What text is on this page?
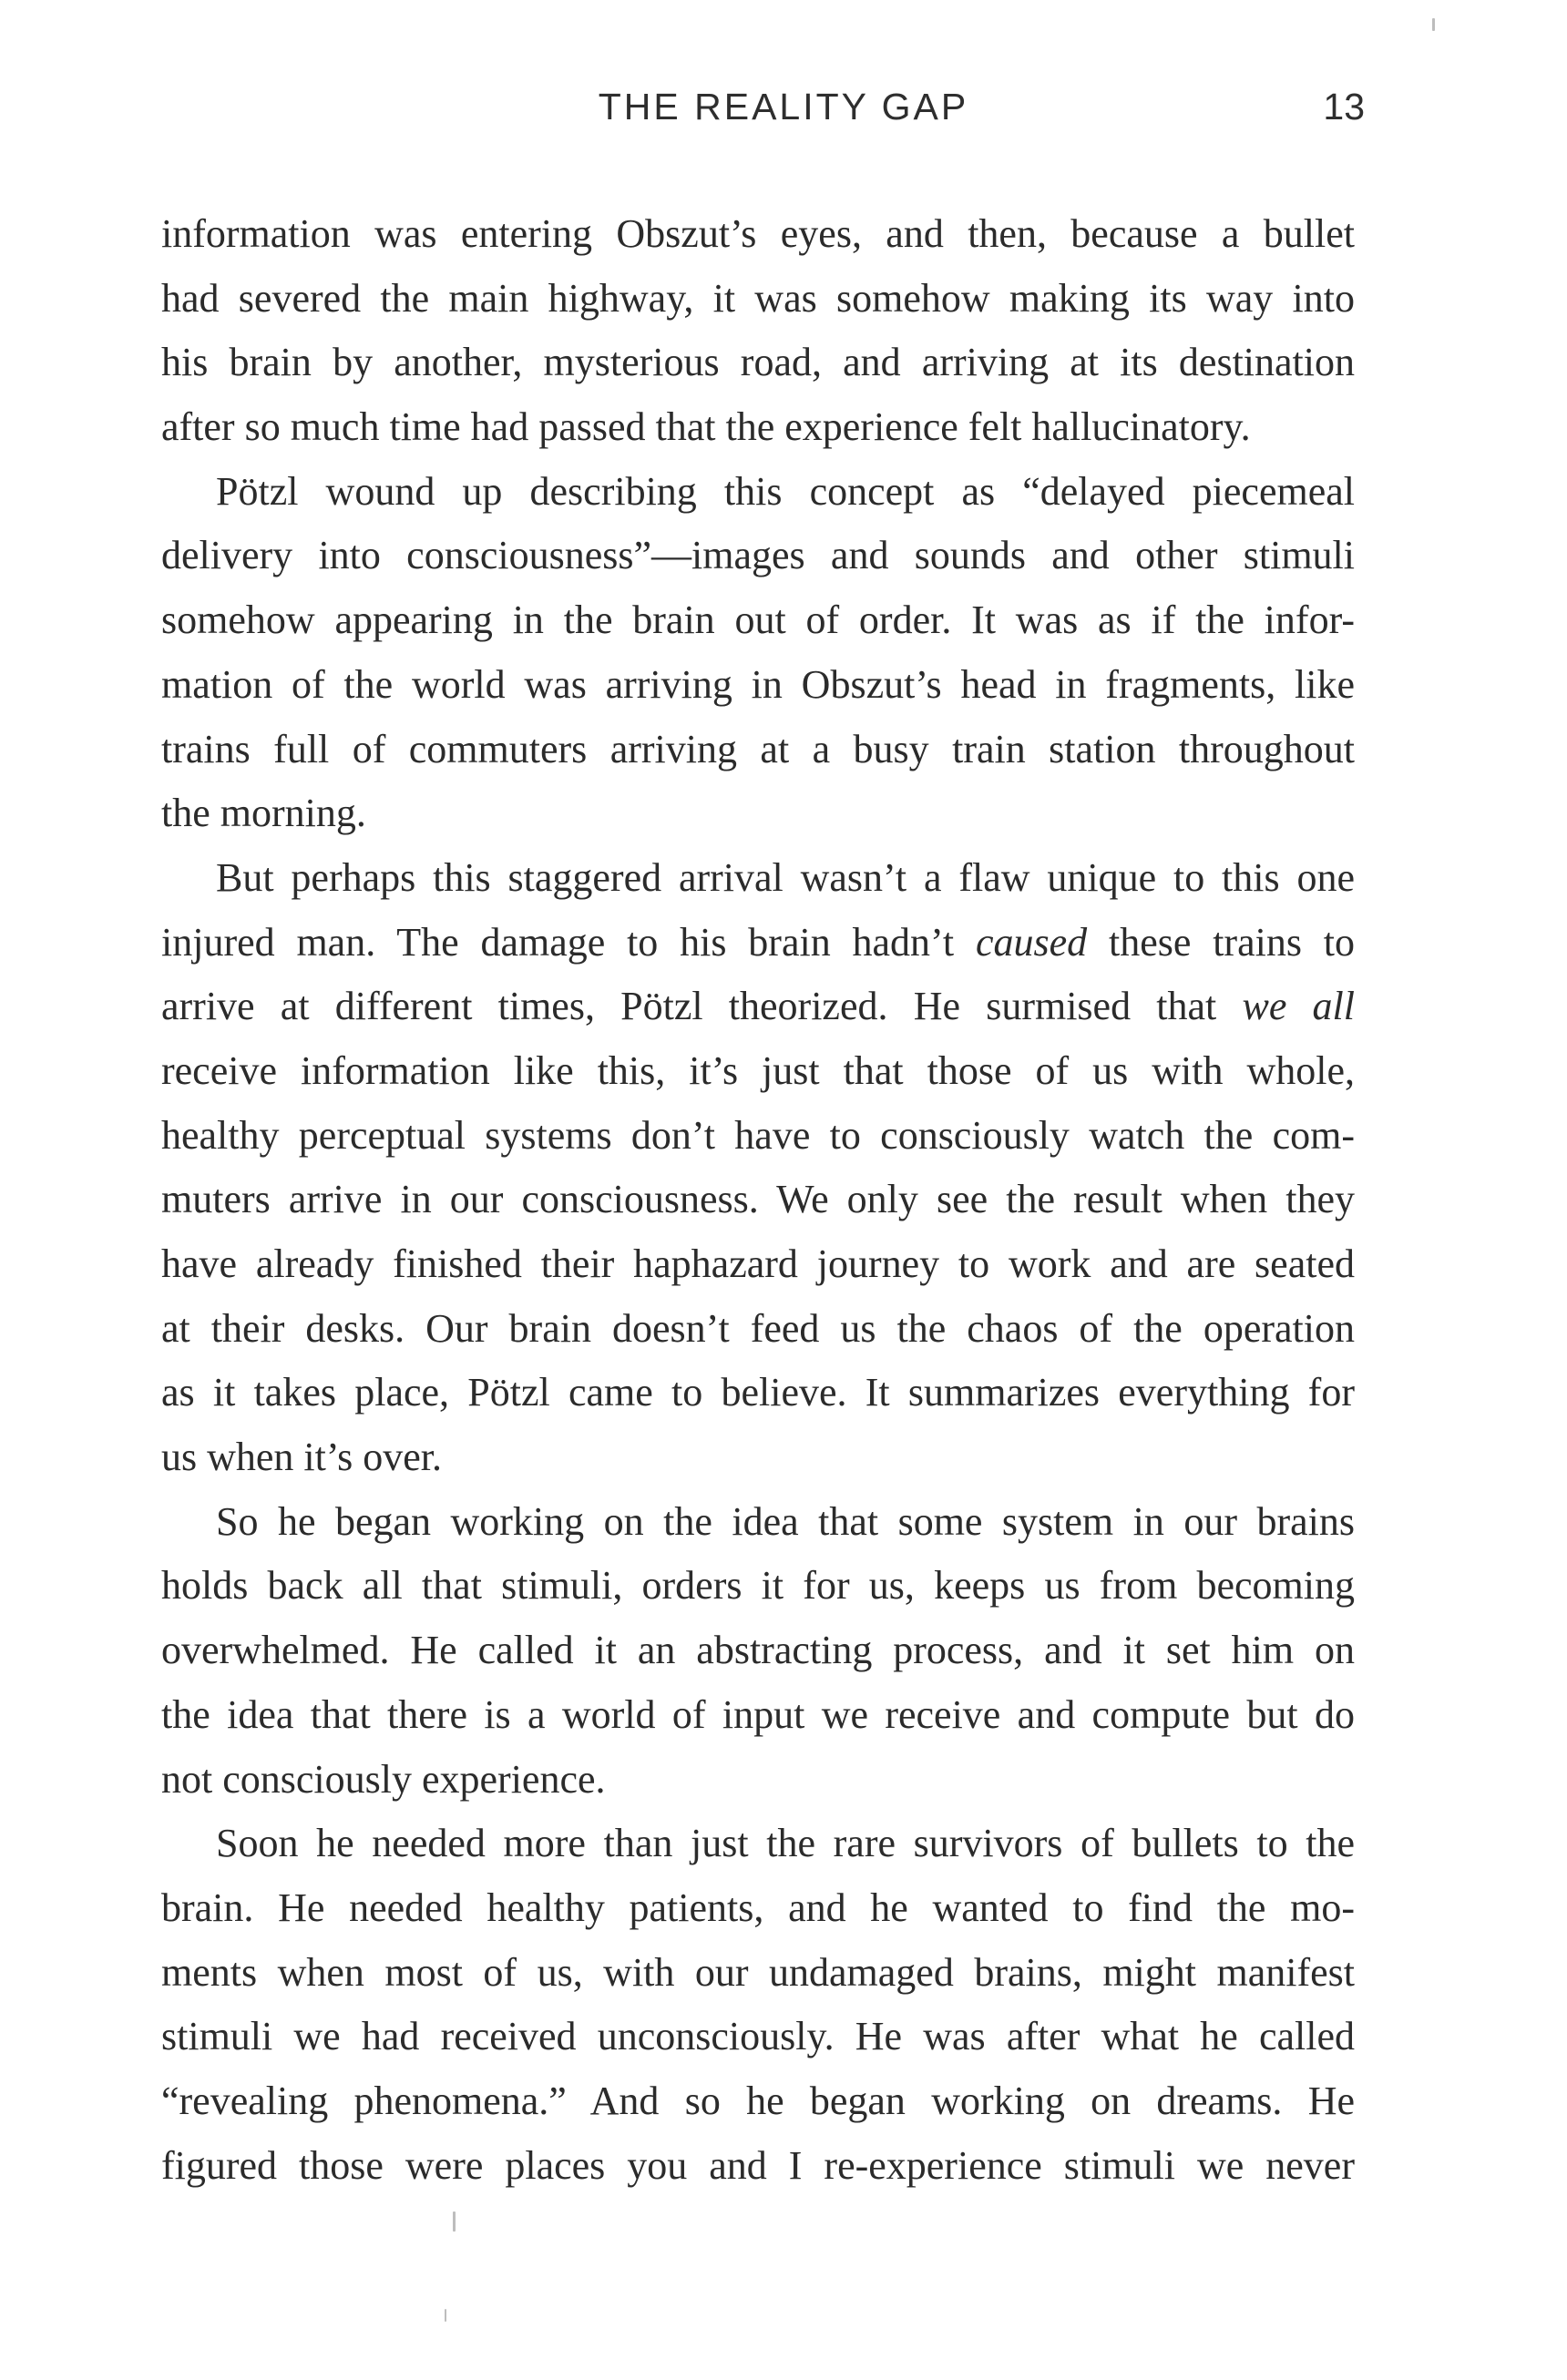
THE REALITY GAP	13
information was entering Obszut’s eyes, and then, because a bullet
had severed the main highway, it was somehow making its way into
his brain by another, mysterious road, and arriving at its destination
after so much time had passed that the experience felt hallucinatory.
Pötzl wound up describing this concept as “delayed piecemeal
delivery into consciousness”—images and sounds and other stimuli
somehow appearing in the brain out of order. It was as if the infor-
mation of the world was arriving in Obszut’s head in fragments, like
trains full of commuters arriving at a busy train station throughout
the morning.
But perhaps this staggered arrival wasn’t a flaw unique to this one
injured man. The damage to his brain hadn’t caused these trains to
arrive at different times, Pötzl theorized. He surmised that we all
receive information like this, it’s just that those of us with whole,
healthy perceptual systems don’t have to consciously watch the com-
muters arrive in our consciousness. We only see the result when they
have already finished their haphazard journey to work and are seated
at their desks. Our brain doesn’t feed us the chaos of the operation
as it takes place, Pötzl came to believe. It summarizes everything for
us when it’s over.
So he began working on the idea that some system in our brains
holds back all that stimuli, orders it for us, keeps us from becoming
overwhelmed. He called it an abstracting process, and it set him on
the idea that there is a world of input we receive and compute but do
not consciously experience.
Soon he needed more than just the rare survivors of bullets to the
brain. He needed healthy patients, and he wanted to find the mo-
ments when most of us, with our undamaged brains, might manifest
stimuli we had received unconsciously. He was after what he called
“revealing phenomena.” And so he began working on dreams. He
figured those were places you and I re-experience stimuli we never
